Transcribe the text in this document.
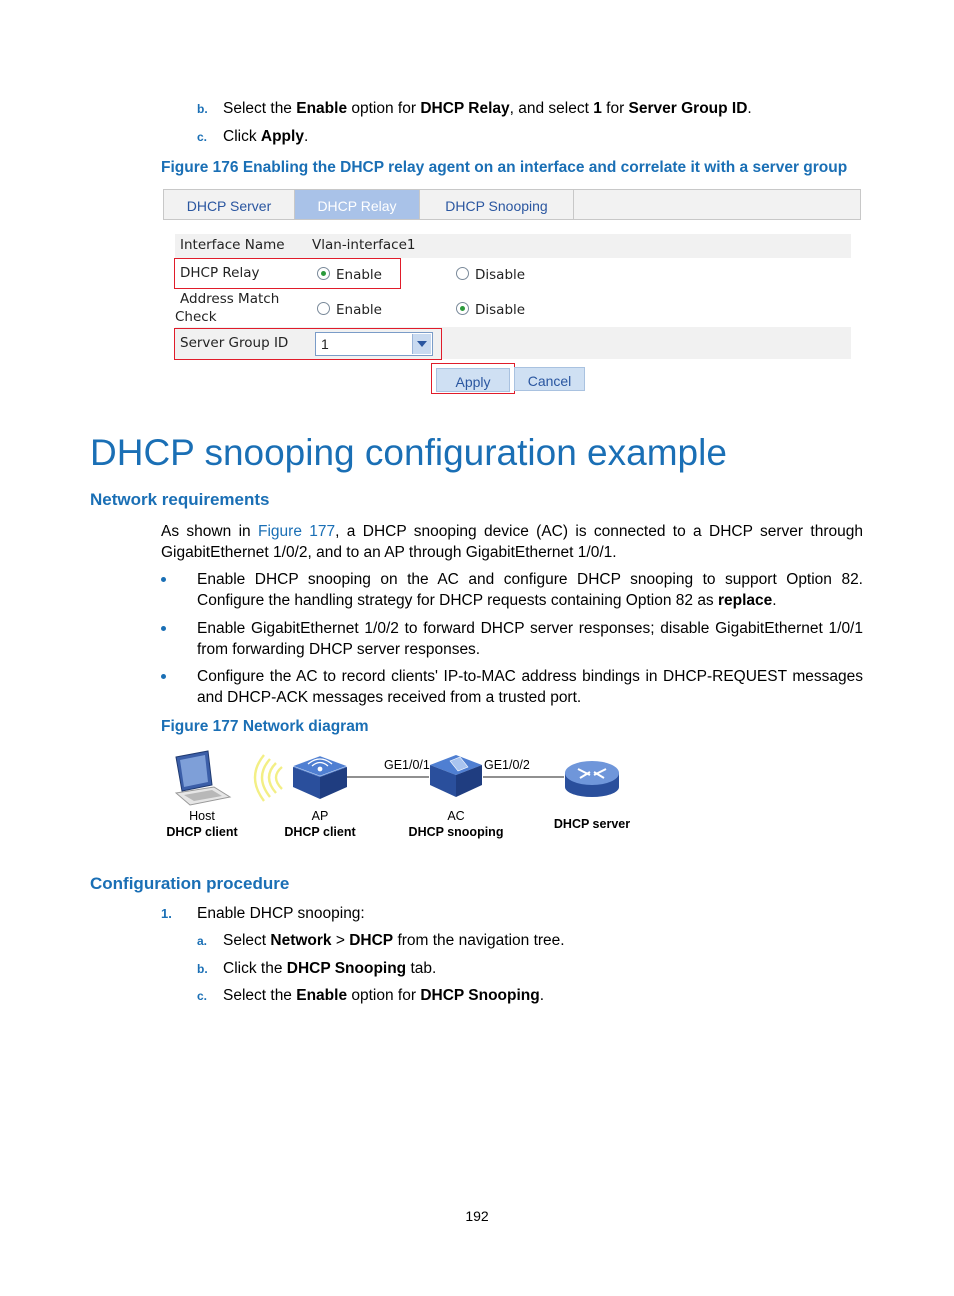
b. Select the Enable option for DHCP Relay, and select 1 for Server Group ID.
c. Click Apply.
Figure 176 Enabling the DHCP relay agent on an interface and correlate it with a server group
DHCP Server	DHCP Relay	DHCP Snooping
Interface Name Vlan-interface1
DHCP Relay	Enable	Disable
Address Match
Check	Enable	Disable
Server Group ID 1
Apply	Cancel
DHCP snooping configuration example
Network requirements
As shown in Figure 177, a DHCP snooping device (AC) is connected to a DHCP server through GigabitEthernet 1/0/2, and to an AP through GigabitEthernet 1/0/1.
Enable DHCP snooping on the AC and configure DHCP snooping to support Option 82. Configure the handling strategy for DHCP requests containing Option 82 as replace.
Enable GigabitEthernet 1/0/2 to forward DHCP server responses; disable GigabitEthernet 1/0/1 from forwarding DHCP server responses.
Configure the AC to record clients' IP-to-MAC address bindings in DHCP-REQUEST messages and DHCP-ACK messages received from a trusted port.
Figure 177 Network diagram
GE1/0/1	GE1/0/2
Host
DHCP client
AP
DHCP client
AC
DHCP snooping
DHCP server
Configuration procedure
1. Enable DHCP snooping:
a. Select Network > DHCP from the navigation tree.
b. Click the DHCP Snooping tab.
c. Select the Enable option for DHCP Snooping.
192
